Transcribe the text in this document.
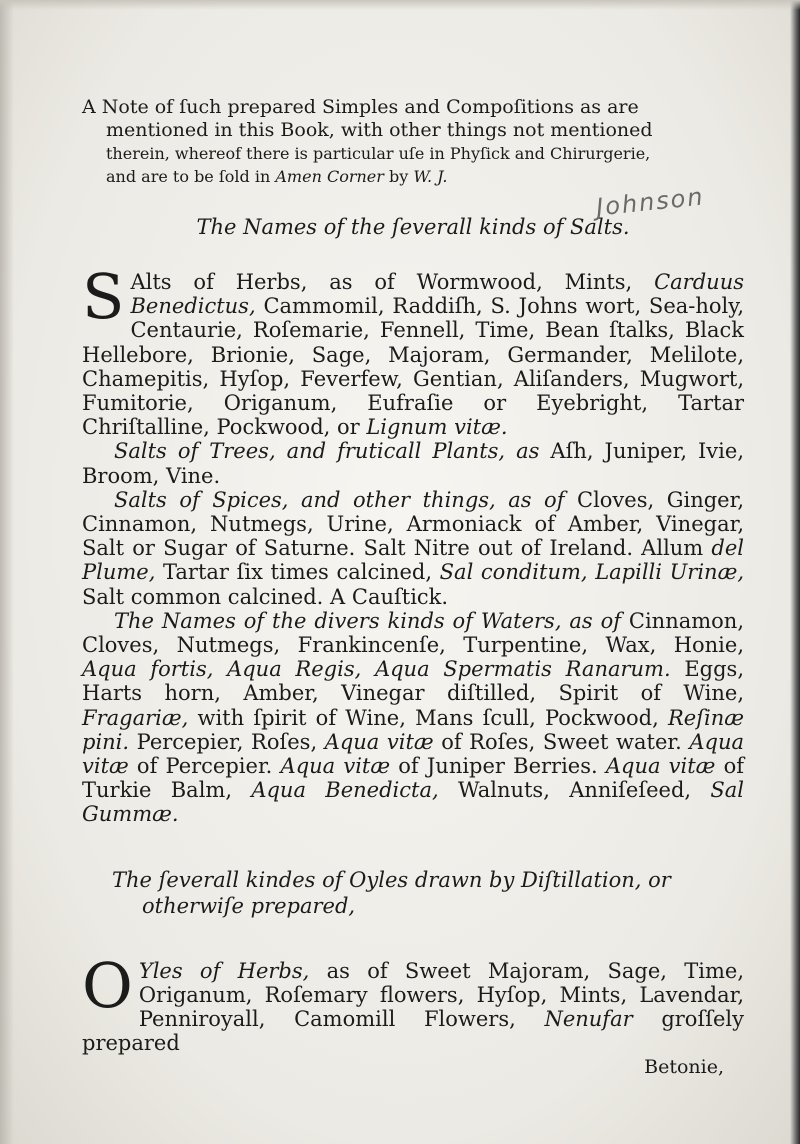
Johnson
A Note of ſuch prepared Simples and Compoſitions as are
mentioned in this Book, with other things not mentioned
therein, whereof there is particular uſe in Phyſick and Chirurgerie,
and are to be ſold in Amen Corner by W. J.
The Names of the ſeverall kinds of Salts.

S Alts of Herbs, as of Wormwood, Mints, Carduus Benedictus, Cammomil, Raddiſh, S. Johns wort, Sea-holy, Centaurie, Roſemarie, Fennell, Time, Bean ſtalks, Black Hellebore, Brionie, Sage, Majoram, Germander, Melilote, Chamepitis, Hyſop, Feverfew, Gentian, Aliſanders, Mugwort, Fumitorie, Origanum, Eufraſie or Eyebright, Tartar Chriſtalline, Pockwood, or Lignum vitæ.

Salts of Trees, and fruticall Plants, as Aſh, Juniper, Ivie, Broom, Vine.

Salts of Spices, and other things, as of Cloves, Ginger, Cinnamon, Nutmegs, Urine, Armoniack of Amber, Vinegar, Salt or Sugar of Saturne. Salt Nitre out of Ireland. Allum del Plume, Tartar ſix times calcined, Sal conditum, Lapilli Urinæ, Salt common calcined. A Cauſtick.

The Names of the divers kinds of Waters, as of Cinnamon, Cloves, Nutmegs, Frankincenſe, Turpentine, Wax, Honie, Aqua fortis, Aqua Regis, Aqua Spermatis Ranarum. Eggs, Harts horn, Amber, Vinegar diſtilled, Spirit of Wine, Fragariæ, with ſpirit of Wine, Mans ſcull, Pockwood, Reſinæ pini. Percepier, Roſes, Aqua vitæ of Roſes, Sweet water. Aqua vitæ of Percepier. Aqua vitæ of Juniper Berries. Aqua vitæ of Turkie Balm, Aqua Benedicta, Walnuts, Anniſeſeed, Sal Gummæ.

The ſeverall kindes of Oyles drawn by Diſtillation, or otherwiſe prepared,

O Yles of Herbs, as of Sweet Majoram, Sage, Time, Origanum, Roſemary flowers, Hyſop, Mints, Lavendar, Penniroyall, Camomill Flowers, Nenufar groſſely prepared

Betonie,
